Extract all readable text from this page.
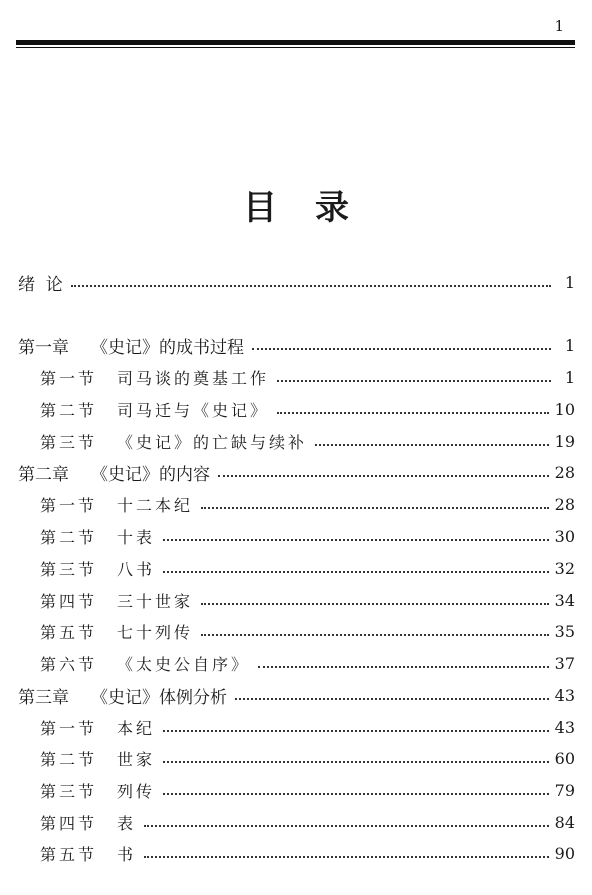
1
目录
绪  论	1
第一章 《史记》的成书过程	1
第一节 司马谈的奠基工作	1
第二节 司马迁与《史记》	10
第三节 《史记》的亡缺与续补	19
第二章 《史记》的内容	28
第一节 十二本纪	28
第二节 十表	30
第三节 八书	32
第四节 三十世家	34
第五节 七十列传	35
第六节 《太史公自序》	37
第三章 《史记》体例分析	43
第一节 本纪	43
第二节 世家	60
第三节 列传	79
第四节 表	84
第五节 书	90
